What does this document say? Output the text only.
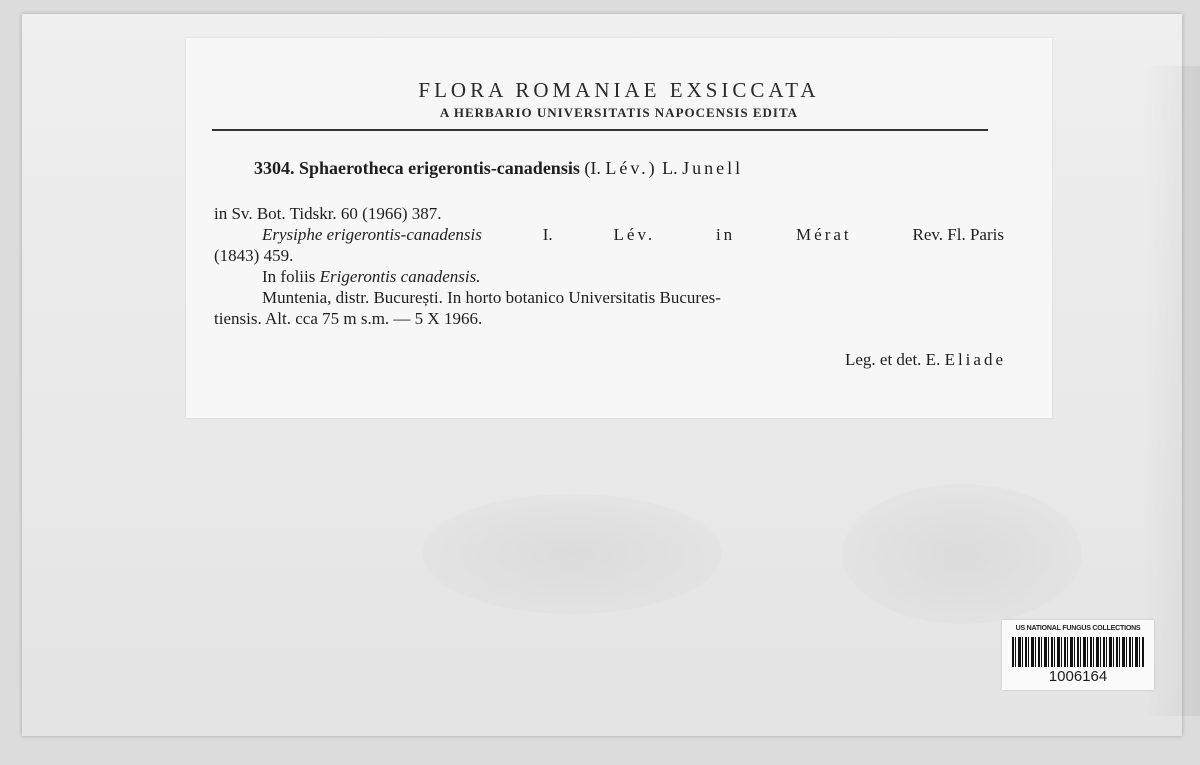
FLORA ROMANIAE EXSICCATA
A HERBARIO UNIVERSITATIS NAPOCENSIS EDITA
3304. Sphaerotheca erigerontis-canadensis (I. Lév.) L. Junell
in Sv. Bot. Tidskr. 60 (1966) 387.
Erysiphe erigerontis-canadensis	I.	Lév.	in	Mérat	Rev. Fl. Paris
(1843) 459.
In foliis Erigerontis canadensis.
Muntenia, distr. București. In horto botanico Universitatis Bucures-
tiensis. Alt. cca 75 m s.m. — 5 X 1966.
Leg. et det. E. Eliade
US NATIONAL FUNGUS COLLECTIONS
1006164
